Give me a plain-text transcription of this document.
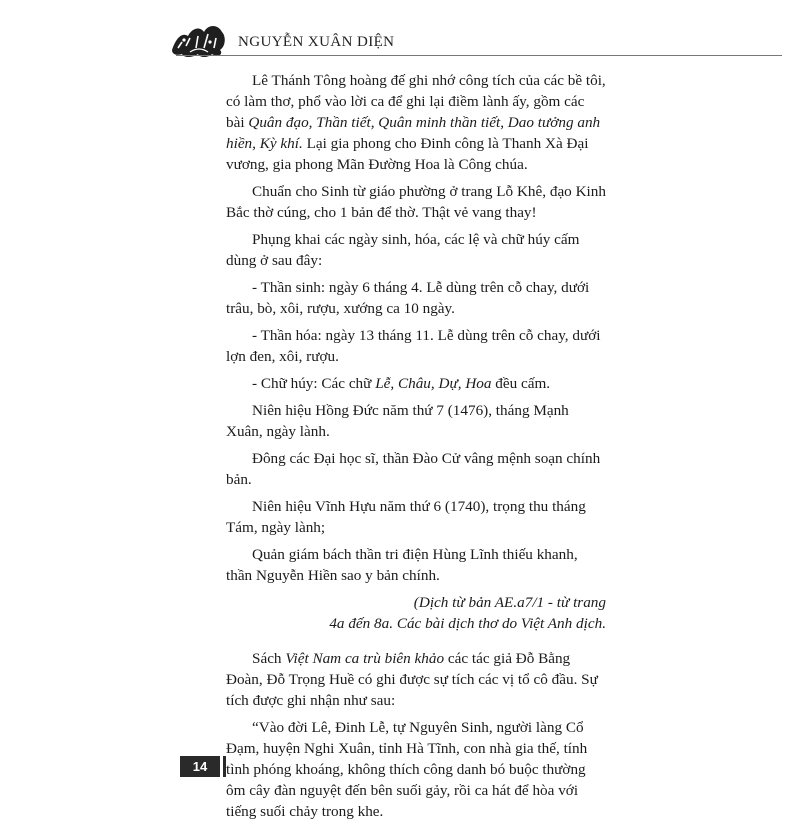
NGUYỄN XUÂN DIỆN

Lê Thánh Tông hoàng đế ghi nhớ công tích của các bề tôi, có làm thơ, phổ vào lời ca để ghi lại điềm lành ấy, gồm các bài Quân đạo, Thần tiết, Quân minh thần tiết, Dao tưởng anh hiền, Kỳ khí. Lại gia phong cho Đinh công là Thanh Xà Đại vương, gia phong Mãn Đường Hoa là Công chúa.

Chuẩn cho Sinh từ giáo phường ở trang Lỗ Khê, đạo Kinh Bắc thờ cúng, cho 1 bản để thờ. Thật vẻ vang thay!

Phụng khai các ngày sinh, hóa, các lệ và chữ húy cấm dùng ở sau đây:

- Thần sinh: ngày 6 tháng 4. Lễ dùng trên cỗ chay, dưới trâu, bò, xôi, rượu, xướng ca 10 ngày.

- Thần hóa: ngày 13 tháng 11. Lễ dùng trên cỗ chay, dưới lợn đen, xôi, rượu.

- Chữ húy: Các chữ Lễ, Châu, Dự, Hoa đều cấm.

Niên hiệu Hồng Đức năm thứ 7 (1476), tháng Mạnh Xuân, ngày lành.

Đông các Đại học sĩ, thần Đào Cử vâng mệnh soạn chính bản.

Niên hiệu Vĩnh Hựu năm thứ 6 (1740), trọng thu tháng Tám, ngày lành;

Quản giám bách thần tri điện Hùng Lĩnh thiếu khanh, thần Nguyễn Hiền sao y bản chính.

(Dịch từ bản AE.a7/1 - từ trang
4a đến 8a. Các bài dịch thơ do Việt Anh dịch.

Sách Việt Nam ca trù biên khảo các tác giả Đỗ Bằng Đoàn, Đỗ Trọng Huề có ghi được sự tích các vị tổ cô đầu. Sự tích được ghi nhận như sau:

“Vào đời Lê, Đinh Lễ, tự Nguyên Sinh, người làng Cổ Đạm, huyện Nghi Xuân, tỉnh Hà Tĩnh, con nhà gia thế, tính tình phóng khoáng, không thích công danh bó buộc thường ôm cây đàn nguyệt đến bên suối gảy, rồi ca hát để hòa với tiếng suối chảy trong khe.

14
